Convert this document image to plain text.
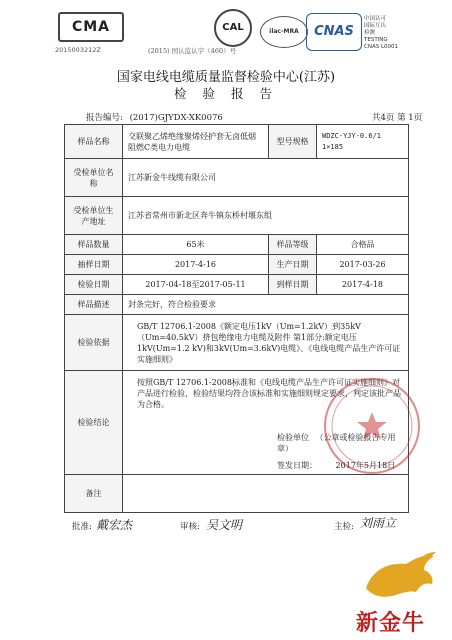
CMA
2015003212Z
CAL
(2015) 国认监认字（460）号
ilac-MRA	CNAS
中国认可
国际互认
检测
TESTING
CNAS L0001
国家电线电缆质量监督检验中心(江苏)
检 验 报 告
报告编号: (2017)GJYDX-XK0076	共4页 第 1页
样品名称	交联聚乙烯绝缘聚烯烃护套无卤低烟阻燃C类电力电缆	型号规格	WDZC-YJY-0.6/1 1×185
受检单位名称	江苏新金牛线缆有限公司		
受检单位生产地址	江苏省常州市新北区奔牛镇东桥村堰东组		
样品数量	65米	样品等级	合格品
抽样日期	2017-4-16	生产日期	2017-03-26
检验日期	2017-04-18至2017-05-11	到样日期	2017-4-18
样品描述	封条完好，符合检验要求		
检验依据	GB/T 12706.1-2008《额定电压1kV（Um=1.2kV）到35kV（Um=40.5kV）挤包绝缘电力电缆及附件 第1部分:额定电压1kV(Um=1.2 kV)和3kV(Um=3.6kV)电缆》、《电线电缆产品生产许可证实施细则》		
检验结论	按照GB/T 12706.1-2008标准和《电线电缆产品生产许可证实施细则》对产品进行检验，检验结果均符合该标准和实施细则规定要求，判定该批产品为合格。
检验单位 （公章或检验报告专用章）
签发日期： 2017年5月18日		

备注			
批准: 戴宏杰	审核: 吴文明	主检: 刘雨立
新金牛
